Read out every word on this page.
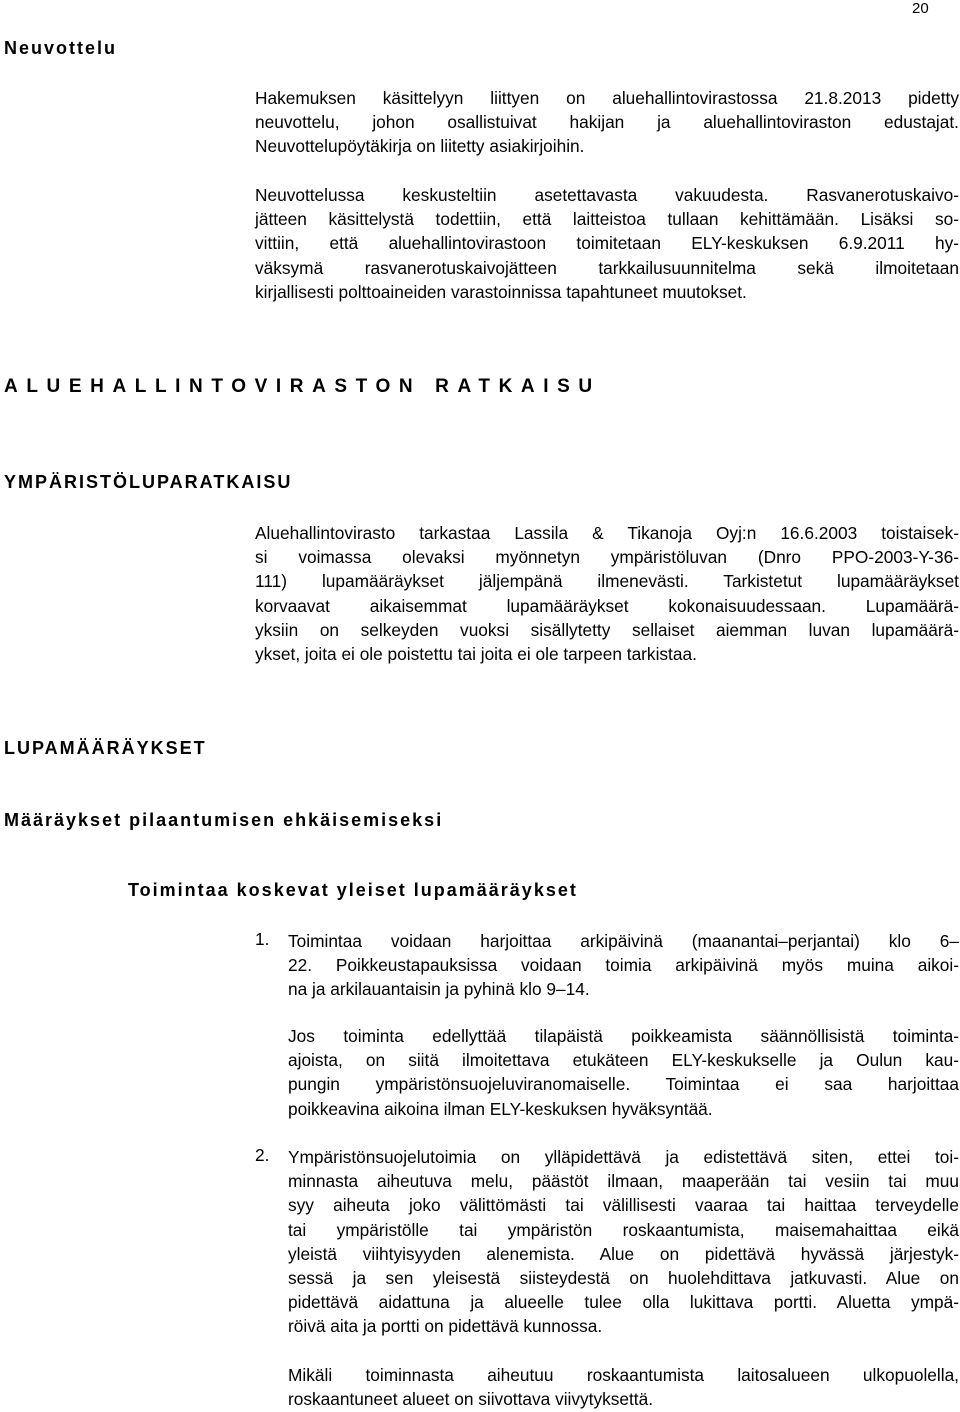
20
Neuvottelu
Hakemuksen käsittelyyn liittyen on aluehallintovirastossa 21.8.2013 pidetty
neuvottelu, johon osallistuivat hakijan ja aluehallintoviraston edustajat.
Neuvottelupöytäkirja on liitetty asiakirjoihin.
Neuvottelussa keskusteltiin asetettavasta vakuudesta. Rasvanerotuskaivo-
jätteen käsittelystä todettiin, että laitteistoa tullaan kehittämään. Lisäksi so-
vittiin, että aluehallintovirastoon toimitetaan ELY-keskuksen 6.9.2011 hy-
väksymä rasvanerotuskaivojätteen tarkkailusuunnitelma sekä ilmoitetaan
kirjallisesti polttoaineiden varastoinnissa tapahtuneet muutokset.
ALUEHALLINTOVIRASTON RATKAISU
YMPÄRISTÖLUPARATKAISU
Aluehallintovirasto tarkastaa Lassila & Tikanoja Oyj:n 16.6.2003 toistaisek-
si voimassa olevaksi myönnetyn ympäristöluvan (Dnro PPO-2003-Y-36-
111) lupamääräykset jäljempänä ilmenevästi. Tarkistetut lupamääräykset
korvaavat aikaisemmat lupamääräykset kokonaisuudessaan. Lupamäärä-
yksiin on selkeyden vuoksi sisällytetty sellaiset aiemman luvan lupamäärä-
ykset, joita ei ole poistettu tai joita ei ole tarpeen tarkistaa.
LUPAMÄÄRÄYKSET
Määräykset pilaantumisen ehkäisemiseksi
Toimintaa koskevat yleiset lupamääräykset
1. Toimintaa voidaan harjoittaa arkipäivinä (maanantai–perjantai) klo 6–
22. Poikkeustapauksissa voidaan toimia arkipäivinä myös muina aikoi-
na ja arkilauantaisin ja pyhinä klo 9–14.
Jos toiminta edellyttää tilapäistä poikkeamista säännöllisistä toiminta-
ajoista, on siitä ilmoitettava etukäteen ELY-keskukselle ja Oulun kau-
pungin ympäristönsuojeluviranomaiselle. Toimintaa ei saa harjoittaa
poikkeavina aikoina ilman ELY-keskuksen hyväksyntää.
2. Ympäristönsuojelutoimia on ylläpidettävä ja edistettävä siten, ettei toi-
minnasta aiheutuva melu, päästöt ilmaan, maaperään tai vesiin tai muu
syy aiheuta joko välittömästi tai välillisesti vaaraa tai haittaa terveydelle
tai ympäristölle tai ympäristön roskaantumista, maisemahaittaa eikä
yleistä viihtyisyyden alenemista. Alue on pidettävä hyvässä järjestyk-
sessä ja sen yleisestä siisteydestä on huolehdittava jatkuvasti. Alue on
pidettävä aidattuna ja alueelle tulee olla lukittava portti. Aluetta ympä-
röivä aita ja portti on pidettävä kunnossa.
Mikäli toiminnasta aiheutuu roskaantumista laitosalueen ulkopuolella,
roskaantuneet alueet on siivottava viivytyksettä.
